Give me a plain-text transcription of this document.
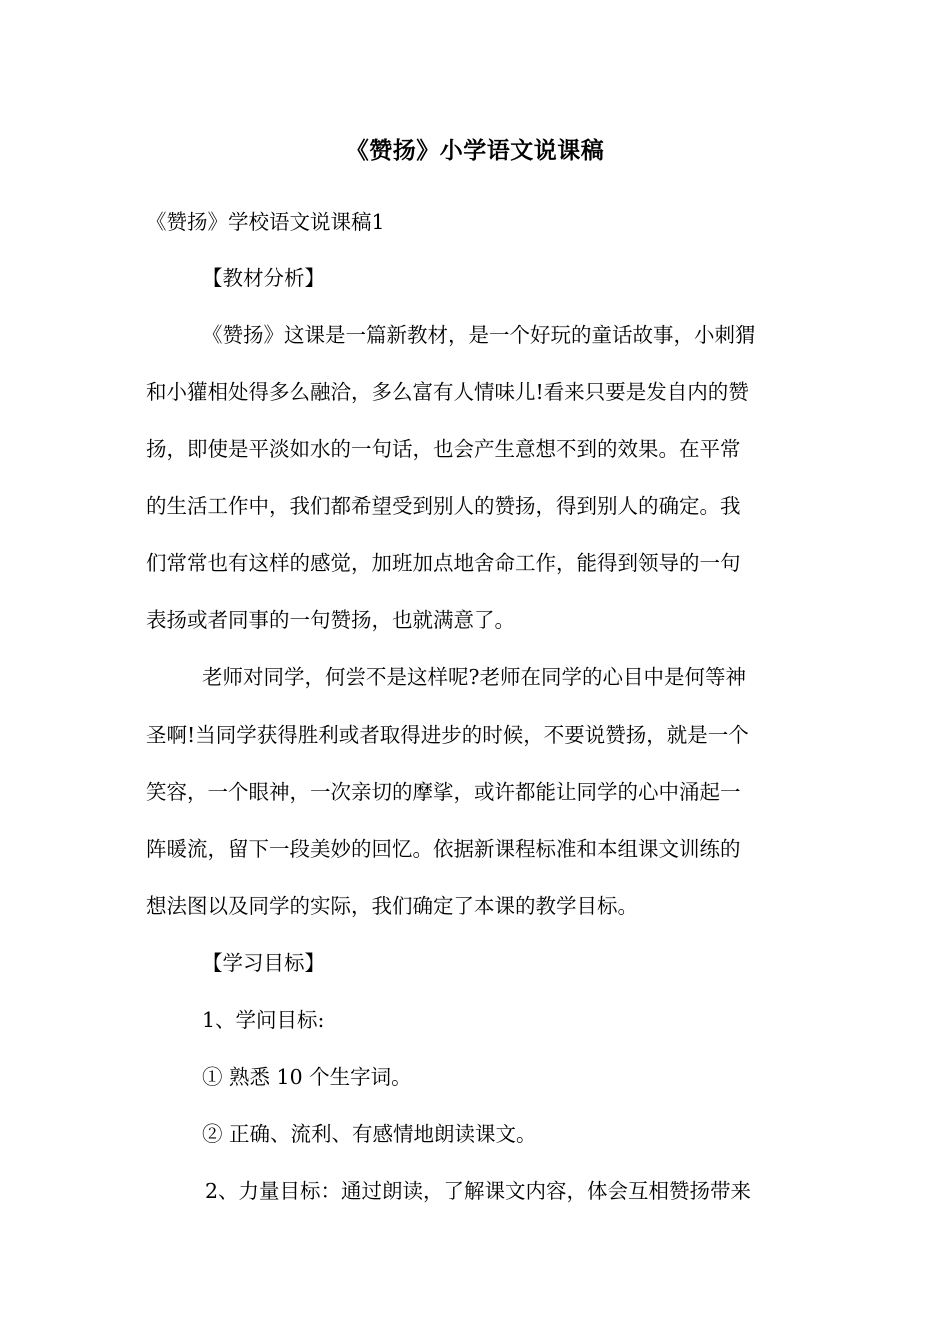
《赞扬》小学语文说课稿
《赞扬》学校语文说课稿1
【教材分析】
《赞扬》这课是一篇新教材，是一个好玩的童话故事，小刺猬
和小獾相处得多么融洽，多么富有人情味儿!看来只要是发自内的赞
扬，即使是平淡如水的一句话，也会产生意想不到的效果。在平常
的生活工作中，我们都希望受到别人的赞扬，得到别人的确定。我
们常常也有这样的感觉，加班加点地舍命工作，能得到领导的一句
表扬或者同事的一句赞扬，也就满意了。
老师对同学，何尝不是这样呢?老师在同学的心目中是何等神
圣啊!当同学获得胜利或者取得进步的时候，不要说赞扬，就是一个
笑容，一个眼神，一次亲切的摩挲，或许都能让同学的心中涌起一
阵暖流，留下一段美妙的回忆。依据新课程标准和本组课文训练的
想法图以及同学的实际，我们确定了本课的教学目标。
【学习目标】
1、学问目标:
① 熟悉 10 个生字词。
② 正确、流利、有感情地朗读课文。
2、力量目标：通过朗读，了解课文内容，体会互相赞扬带来
